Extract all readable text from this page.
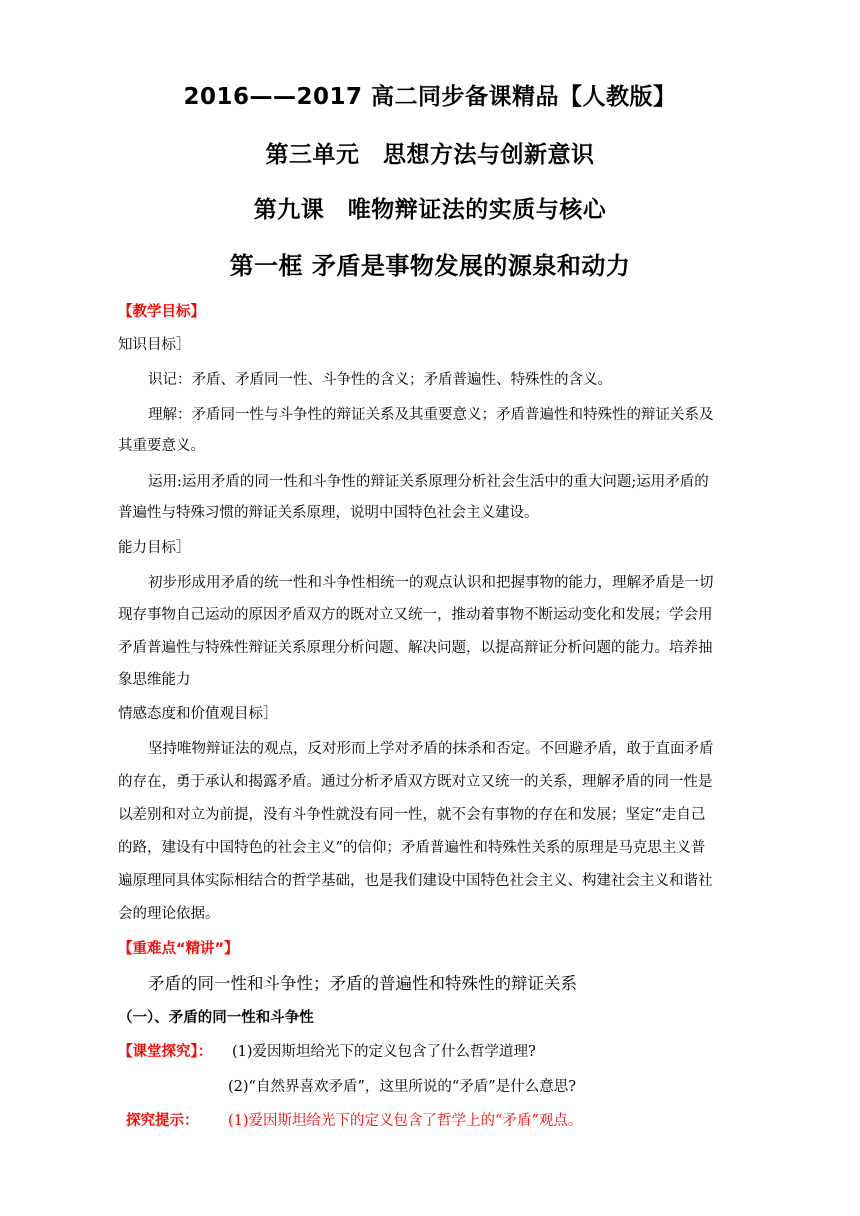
2016——2017 高二同步备课精品【人教版】
第三单元　思想方法与创新意识
第九课　唯物辩证法的实质与核心
第一框 矛盾是事物发展的源泉和动力
【教学目标】
知识目标］
识记：矛盾、矛盾同一性、斗争性的含义；矛盾普遍性、特殊性的含义。
理解：矛盾同一性与斗争性的辩证关系及其重要意义；矛盾普遍性和特殊性的辩证关系及
其重要意义。
运用:运用矛盾的同一性和斗争性的辩证关系原理分析社会生活中的重大问题;运用矛盾的
普遍性与特殊习惯的辩证关系原理，说明中国特色社会主义建设。
能力目标］
初步形成用矛盾的统一性和斗争性相统一的观点认识和把握事物的能力，理解矛盾是一切
现存事物自己运动的原因矛盾双方的既对立又统一，推动着事物不断运动变化和发展；学会用
矛盾普遍性与特殊性辩证关系原理分析问题、解决问题，以提高辩证分析问题的能力。培养抽
象思维能力
情感态度和价值观目标］
坚持唯物辩证法的观点，反对形而上学对矛盾的抹杀和否定。不回避矛盾，敢于直面矛盾
的存在，勇于承认和揭露矛盾。通过分析矛盾双方既对立又统一的关系，理解矛盾的同一性是
以差别和对立为前提，没有斗争性就没有同一性，就不会有事物的存在和发展；坚定“走自己
的路，建设有中国特色的社会主义”的信仰；矛盾普遍性和特殊性关系的原理是马克思主义普
遍原理同具体实际相结合的哲学基础，也是我们建设中国特色社会主义、构建社会主义和谐社
会的理论依据。
【重难点“精讲”】
矛盾的同一性和斗争性；矛盾的普遍性和特殊性的辩证关系
（一）、矛盾的同一性和斗争性
【课堂探究】： (1)爱因斯坦给光下的定义包含了什么哲学道理?
(2)“自然界喜欢矛盾”，这里所说的“矛盾”是什么意思?
探究提示： (1)爱因斯坦给光下的定义包含了哲学上的“矛盾”观点。
